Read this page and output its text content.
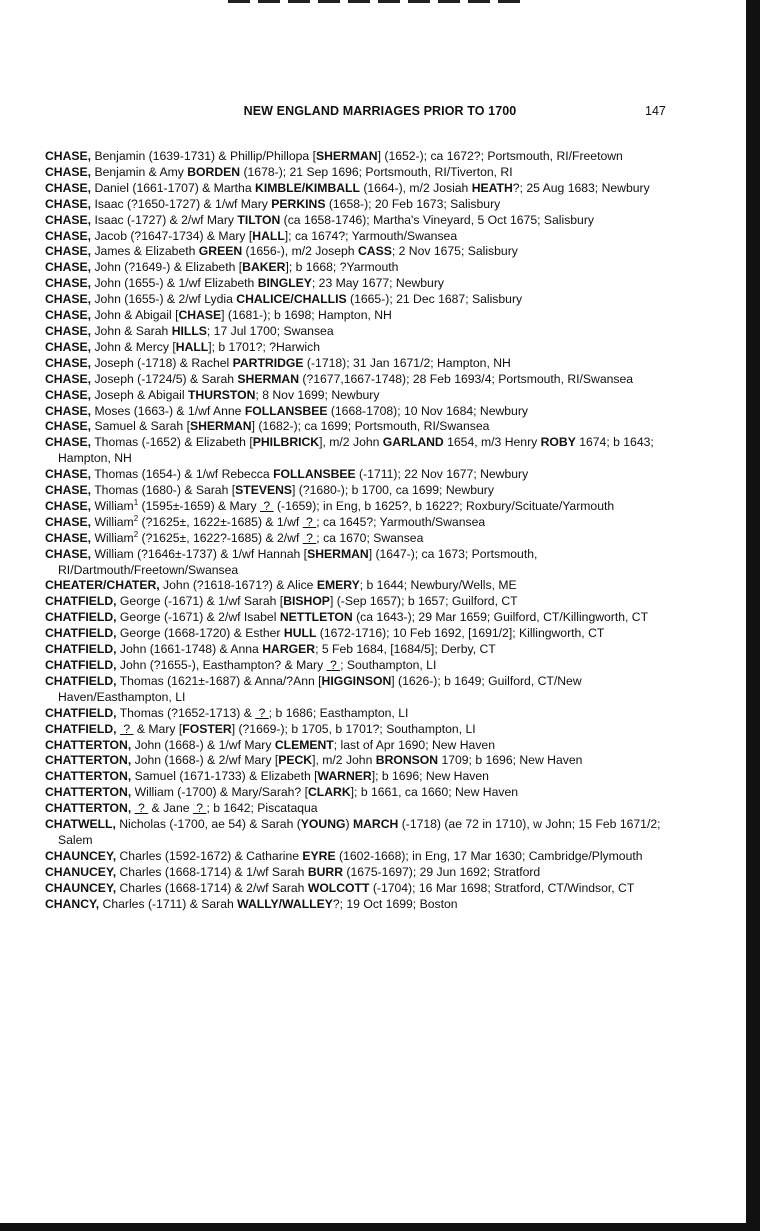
NEW ENGLAND MARRIAGES PRIOR TO 1700	147
CHASE, Benjamin (1639-1731) & Phillip/Phillopa [SHERMAN] (1652-); ca 1672?; Portsmouth, RI/Freetown
CHASE, Benjamin & Amy BORDEN (1678-); 21 Sep 1696; Portsmouth, RI/Tiverton, RI
CHASE, Daniel (1661-1707) & Martha KIMBLE/KIMBALL (1664-), m/2 Josiah HEATH?; 25 Aug 1683; Newbury
CHASE, Isaac (?1650-1727) & 1/wf Mary PERKINS (1658-); 20 Feb 1673; Salisbury
CHASE, Isaac (-1727) & 2/wf Mary TILTON (ca 1658-1746); Martha's Vineyard, 5 Oct 1675; Salisbury
CHASE, Jacob (?1647-1734) & Mary [HALL]; ca 1674?; Yarmouth/Swansea
CHASE, James & Elizabeth GREEN (1656-), m/2 Joseph CASS; 2 Nov 1675; Salisbury
CHASE, John (?1649-) & Elizabeth [BAKER]; b 1668; ?Yarmouth
CHASE, John (1655-) & 1/wf Elizabeth BINGLEY; 23 May 1677; Newbury
CHASE, John (1655-) & 2/wf Lydia CHALICE/CHALLIS (1665-); 21 Dec 1687; Salisbury
CHASE, John & Abigail [CHASE] (1681-); b 1698; Hampton, NH
CHASE, John & Sarah HILLS; 17 Jul 1700; Swansea
CHASE, John & Mercy [HALL]; b 1701?; ?Harwich
CHASE, Joseph (-1718) & Rachel PARTRIDGE (-1718); 31 Jan 1671/2; Hampton, NH
CHASE, Joseph (-1724/5) & Sarah SHERMAN (?1677,1667-1748); 28 Feb 1693/4; Portsmouth, RI/Swansea
CHASE, Joseph & Abigail THURSTON; 8 Nov 1699; Newbury
CHASE, Moses (1663-) & 1/wf Anne FOLLANSBEE (1668-1708); 10 Nov 1684; Newbury
CHASE, Samuel & Sarah [SHERMAN] (1682-); ca 1699; Portsmouth, RI/Swansea
CHASE, Thomas (-1652) & Elizabeth [PHILBRICK], m/2 John GARLAND 1654, m/3 Henry ROBY 1674; b 1643; Hampton, NH
CHASE, Thomas (1654-) & 1/wf Rebecca FOLLANSBEE (-1711); 22 Nov 1677; Newbury
CHASE, Thomas (1680-) & Sarah [STEVENS] (?1680-); b 1700, ca 1699; Newbury
CHASE, William$^1$ (1595±-1659) & Mary  ?  (-1659); in Eng, b 1625?, b 1622?; Roxbury/Scituate/Yarmouth
CHASE, William$^2$ (?1625±, 1622±-1685) & 1/wf  ? ; ca 1645?; Yarmouth/Swansea
CHASE, William$^2$ (?1625±, 1622?-1685) & 2/wf  ? ; ca 1670; Swansea
CHASE, William (?1646±-1737) & 1/wf Hannah [SHERMAN] (1647-); ca 1673; Portsmouth, RI/Dartmouth/Freetown/Swansea
CHEATER/CHATER, John (?1618-1671?) & Alice EMERY; b 1644; Newbury/Wells, ME
CHATFIELD, George (-1671) & 1/wf Sarah [BISHOP] (-Sep 1657); b 1657; Guilford, CT
CHATFIELD, George (-1671) & 2/wf Isabel NETTLETON (ca 1643-); 29 Mar 1659; Guilford, CT/Killingworth, CT
CHATFIELD, George (1668-1720) & Esther HULL (1672-1716); 10 Feb 1692, [1691/2]; Killingworth, CT
CHATFIELD, John (1661-1748) & Anna HARGER; 5 Feb 1684, [1684/5]; Derby, CT
CHATFIELD, John (?1655-), Easthampton? & Mary  ? ; Southampton, LI
CHATFIELD, Thomas (1621±-1687) & Anna/?Ann [HIGGINSON] (1626-); b 1649; Guilford, CT/New Haven/Easthampton, LI
CHATFIELD, Thomas (?1652-1713) &  ? ; b 1686; Easthampton, LI
CHATFIELD,  ?  & Mary [FOSTER] (?1669-); b 1705, b 1701?; Southampton, LI
CHATTERTON, John (1668-) & 1/wf Mary CLEMENT; last of Apr 1690; New Haven
CHATTERTON, John (1668-) & 2/wf Mary [PECK], m/2 John BRONSON 1709; b 1696; New Haven
CHATTERTON, Samuel (1671-1733) & Elizabeth [WARNER]; b 1696; New Haven
CHATTERTON, William (-1700) & Mary/Sarah? [CLARK]; b 1661, ca 1660; New Haven
CHATTERTON,  ?  & Jane  ? ; b 1642; Piscataqua
CHATWELL, Nicholas (-1700, ae 54) & Sarah (YOUNG) MARCH (-1718) (ae 72 in 1710), w John; 15 Feb 1671/2; Salem
CHAUNCEY, Charles (1592-1672) & Catharine EYRE (1602-1668); in Eng, 17 Mar 1630; Cambridge/Plymouth
CHANUCEY, Charles (1668-1714) & 1/wf Sarah BURR (1675-1697); 29 Jun 1692; Stratford
CHAUNCEY, Charles (1668-1714) & 2/wf Sarah WOLCOTT (-1704); 16 Mar 1698; Stratford, CT/Windsor, CT
CHANCY, Charles (-1711) & Sarah WALLY/WALLEY?; 19 Oct 1699; Boston
